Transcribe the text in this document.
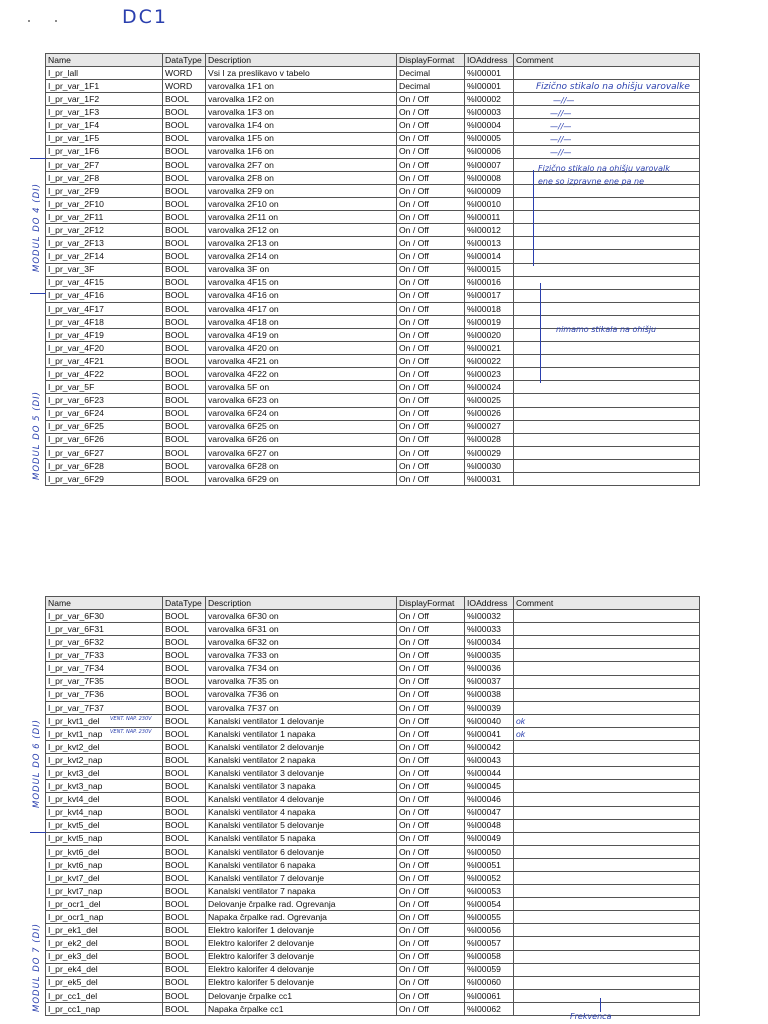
DC1
Name	DataType	Description	DisplayFormat	IOAddress	Comment
I_pr_lall	WORD	Vsi I za preslikavo v tabelo	Decimal	%I00001	
I_pr_var_1F1	WORD	varovalka 1F1 on	Decimal	%I00001	
I_pr_var_1F2	BOOL	varovalka 1F2 on	On / Off	%I00002	
I_pr_var_1F3	BOOL	varovalka 1F3 on	On / Off	%I00003	
I_pr_var_1F4	BOOL	varovalka 1F4 on	On / Off	%I00004	
I_pr_var_1F5	BOOL	varovalka 1F5 on	On / Off	%I00005	
I_pr_var_1F6	BOOL	varovalka 1F6 on	On / Off	%I00006	
I_pr_var_2F7	BOOL	varovalka 2F7 on	On / Off	%I00007	
I_pr_var_2F8	BOOL	varovalka 2F8 on	On / Off	%I00008	
I_pr_var_2F9	BOOL	varovalka 2F9 on	On / Off	%I00009	
I_pr_var_2F10	BOOL	varovalka 2F10 on	On / Off	%I00010	
I_pr_var_2F11	BOOL	varovalka 2F11 on	On / Off	%I00011	
I_pr_var_2F12	BOOL	varovalka 2F12 on	On / Off	%I00012	
I_pr_var_2F13	BOOL	varovalka 2F13 on	On / Off	%I00013	
I_pr_var_2F14	BOOL	varovalka 2F14 on	On / Off	%I00014	
I_pr_var_3F	BOOL	varovalka 3F on	On / Off	%I00015	
I_pr_var_4F15	BOOL	varovalka 4F15 on	On / Off	%I00016	
I_pr_var_4F16	BOOL	varovalka 4F16 on	On / Off	%I00017	
I_pr_var_4F17	BOOL	varovalka 4F17 on	On / Off	%I00018	
I_pr_var_4F18	BOOL	varovalka 4F18 on	On / Off	%I00019	
I_pr_var_4F19	BOOL	varovalka 4F19 on	On / Off	%I00020	
I_pr_var_4F20	BOOL	varovalka 4F20 on	On / Off	%I00021	
I_pr_var_4F21	BOOL	varovalka 4F21 on	On / Off	%I00022	
I_pr_var_4F22	BOOL	varovalka 4F22 on	On / Off	%I00023	
I_pr_var_5F	BOOL	varovalka 5F on	On / Off	%I00024	
I_pr_var_6F23	BOOL	varovalka 6F23 on	On / Off	%I00025	
I_pr_var_6F24	BOOL	varovalka 6F24 on	On / Off	%I00026	
I_pr_var_6F25	BOOL	varovalka 6F25 on	On / Off	%I00027	
I_pr_var_6F26	BOOL	varovalka 6F26 on	On / Off	%I00028	
I_pr_var_6F27	BOOL	varovalka 6F27 on	On / Off	%I00029	
I_pr_var_6F28	BOOL	varovalka 6F28 on	On / Off	%I00030	
I_pr_var_6F29	BOOL	varovalka 6F29 on	On / Off	%I00031	
Name	DataType	Description	DisplayFormat	IOAddress	Comment
I_pr_var_6F30	BOOL	varovalka 6F30 on	On / Off	%I00032	
I_pr_var_6F31	BOOL	varovalka 6F31 on	On / Off	%I00033	
I_pr_var_6F32	BOOL	varovalka 6F32 on	On / Off	%I00034	
I_pr_var_7F33	BOOL	varovalka 7F33 on	On / Off	%I00035	
I_pr_var_7F34	BOOL	varovalka 7F34 on	On / Off	%I00036	
I_pr_var_7F35	BOOL	varovalka 7F35 on	On / Off	%I00037	
I_pr_var_7F36	BOOL	varovalka 7F36 on	On / Off	%I00038	
I_pr_var_7F37	BOOL	varovalka 7F37 on	On / Off	%I00039	
I_pr_kvt1_del	BOOL	Kanalski ventilator 1 delovanje	On / Off	%I00040	ok
I_pr_kvt1_nap	BOOL	Kanalski ventilator 1 napaka	On / Off	%I00041	ok
I_pr_kvt2_del	BOOL	Kanalski ventilator 2 delovanje	On / Off	%I00042	
I_pr_kvt2_nap	BOOL	Kanalski ventilator 2 napaka	On / Off	%I00043	
I_pr_kvt3_del	BOOL	Kanalski ventilator 3 delovanje	On / Off	%I00044	
I_pr_kvt3_nap	BOOL	Kanalski ventilator 3 napaka	On / Off	%I00045	
I_pr_kvt4_del	BOOL	Kanalski ventilator 4 delovanje	On / Off	%I00046	
I_pr_kvt4_nap	BOOL	Kanalski ventilator 4 napaka	On / Off	%I00047	
I_pr_kvt5_del	BOOL	Kanalski ventilator 5 delovanje	On / Off	%I00048	
I_pr_kvt5_nap	BOOL	Kanalski ventilator 5 napaka	On / Off	%I00049	
I_pr_kvt6_del	BOOL	Kanalski ventilator 6 delovanje	On / Off	%I00050	
I_pr_kvt6_nap	BOOL	Kanalski ventilator 6 napaka	On / Off	%I00051	
I_pr_kvt7_del	BOOL	Kanalski ventilator 7 delovanje	On / Off	%I00052	
I_pr_kvt7_nap	BOOL	Kanalski ventilator 7 napaka	On / Off	%I00053	
I_pr_ocr1_del	BOOL	Delovanje črpalke rad. Ogrevanja	On / Off	%I00054	
I_pr_ocr1_nap	BOOL	Napaka črpalke rad. Ogrevanja	On / Off	%I00055	
I_pr_ek1_del	BOOL	Elektro kalorifer 1 delovanje	On / Off	%I00056	
I_pr_ek2_del	BOOL	Elektro kalorifer 2 delovanje	On / Off	%I00057	
I_pr_ek3_del	BOOL	Elektro kalorifer 3 delovanje	On / Off	%I00058	
I_pr_ek4_del	BOOL	Elektro kalorifer 4 delovanje	On / Off	%I00059	
I_pr_ek5_del	BOOL	Elektro kalorifer 5 delovanje	On / Off	%I00060	
I_pr_cc1_del	BOOL	Delovanje črpalke cc1	On / Off	%I00061	
I_pr_cc1_nap	BOOL	Napaka črpalke cc1	On / Off	%I00062	
MODUL DO 4 (DI)
MODUL DO 5 (DI)
Fizično stikalo na ohišju varovalke
—//—
—//—
—//—
—//—
—//—
Fizično stikalo na ohišju varovalk ene so izpravne ene pa ne
nimamo stikala na ohišju
MODUL DO 6 (DI)
MODUL DO 7 (DI)
VENT. NAP. 230V
VENT. NAP. 230V
Frekvenca
